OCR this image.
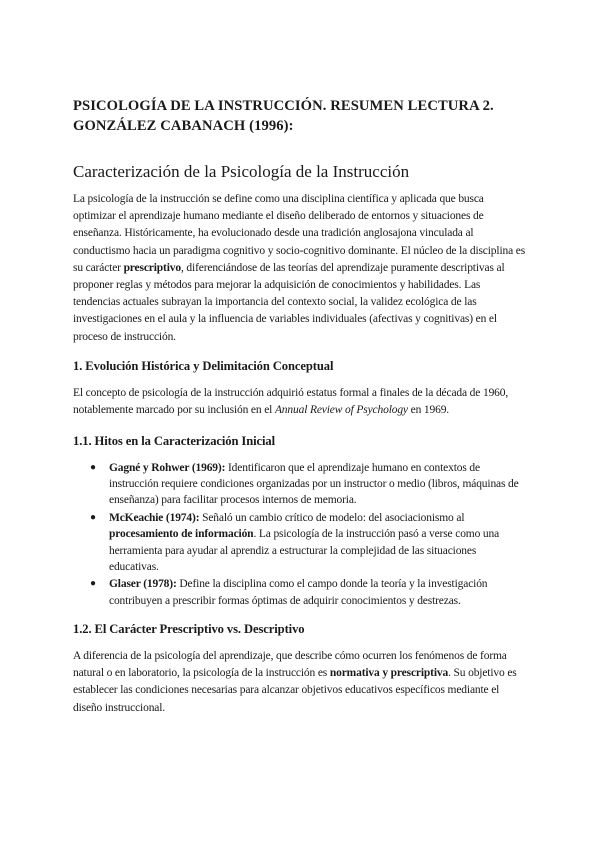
PSICOLOGÍA DE LA INSTRUCCIÓN. RESUMEN LECTURA 2.
GONZÁLEZ CABANACH (1996):
Caracterización de la Psicología de la Instrucción

La psicología de la instrucción se define como una disciplina científica y aplicada que busca optimizar el aprendizaje humano mediante el diseño deliberado de entornos y situaciones de enseñanza. Históricamente, ha evolucionado desde una tradición anglosajona vinculada al conductismo hacia un paradigma cognitivo y socio-cognitivo dominante. El núcleo de la disciplina es su carácter prescriptivo, diferenciándose de las teorías del aprendizaje puramente descriptivas al proponer reglas y métodos para mejorar la adquisición de conocimientos y habilidades. Las tendencias actuales subrayan la importancia del contexto social, la validez ecológica de las investigaciones en el aula y la influencia de variables individuales (afectivas y cognitivas) en el proceso de instrucción.

1. Evolución Histórica y Delimitación Conceptual

El concepto de psicología de la instrucción adquirió estatus formal a finales de la década de 1960, notablemente marcado por su inclusión en el Annual Review of Psychology en 1969.

1.1. Hitos en la Caracterización Inicial
● Gagné y Rohwer (1969): Identificaron que el aprendizaje humano en contextos de instrucción requiere condiciones organizadas por un instructor o medio (libros, máquinas de enseñanza) para facilitar procesos internos de memoria.
● McKeachie (1974): Señaló un cambio crítico de modelo: del asociacionismo al procesamiento de información. La psicología de la instrucción pasó a verse como una herramienta para ayudar al aprendiz a estructurar la complejidad de las situaciones educativas.
● Glaser (1978): Define la disciplina como el campo donde la teoría y la investigación contribuyen a prescribir formas óptimas de adquirir conocimientos y destrezas.
1.2. El Carácter Prescriptivo vs. Descriptivo

A diferencia de la psicología del aprendizaje, que describe cómo ocurren los fenómenos de forma natural o en laboratorio, la psicología de la instrucción es normativa y prescriptiva. Su objetivo es establecer las condiciones necesarias para alcanzar objetivos educativos específicos mediante el diseño instruccional.
